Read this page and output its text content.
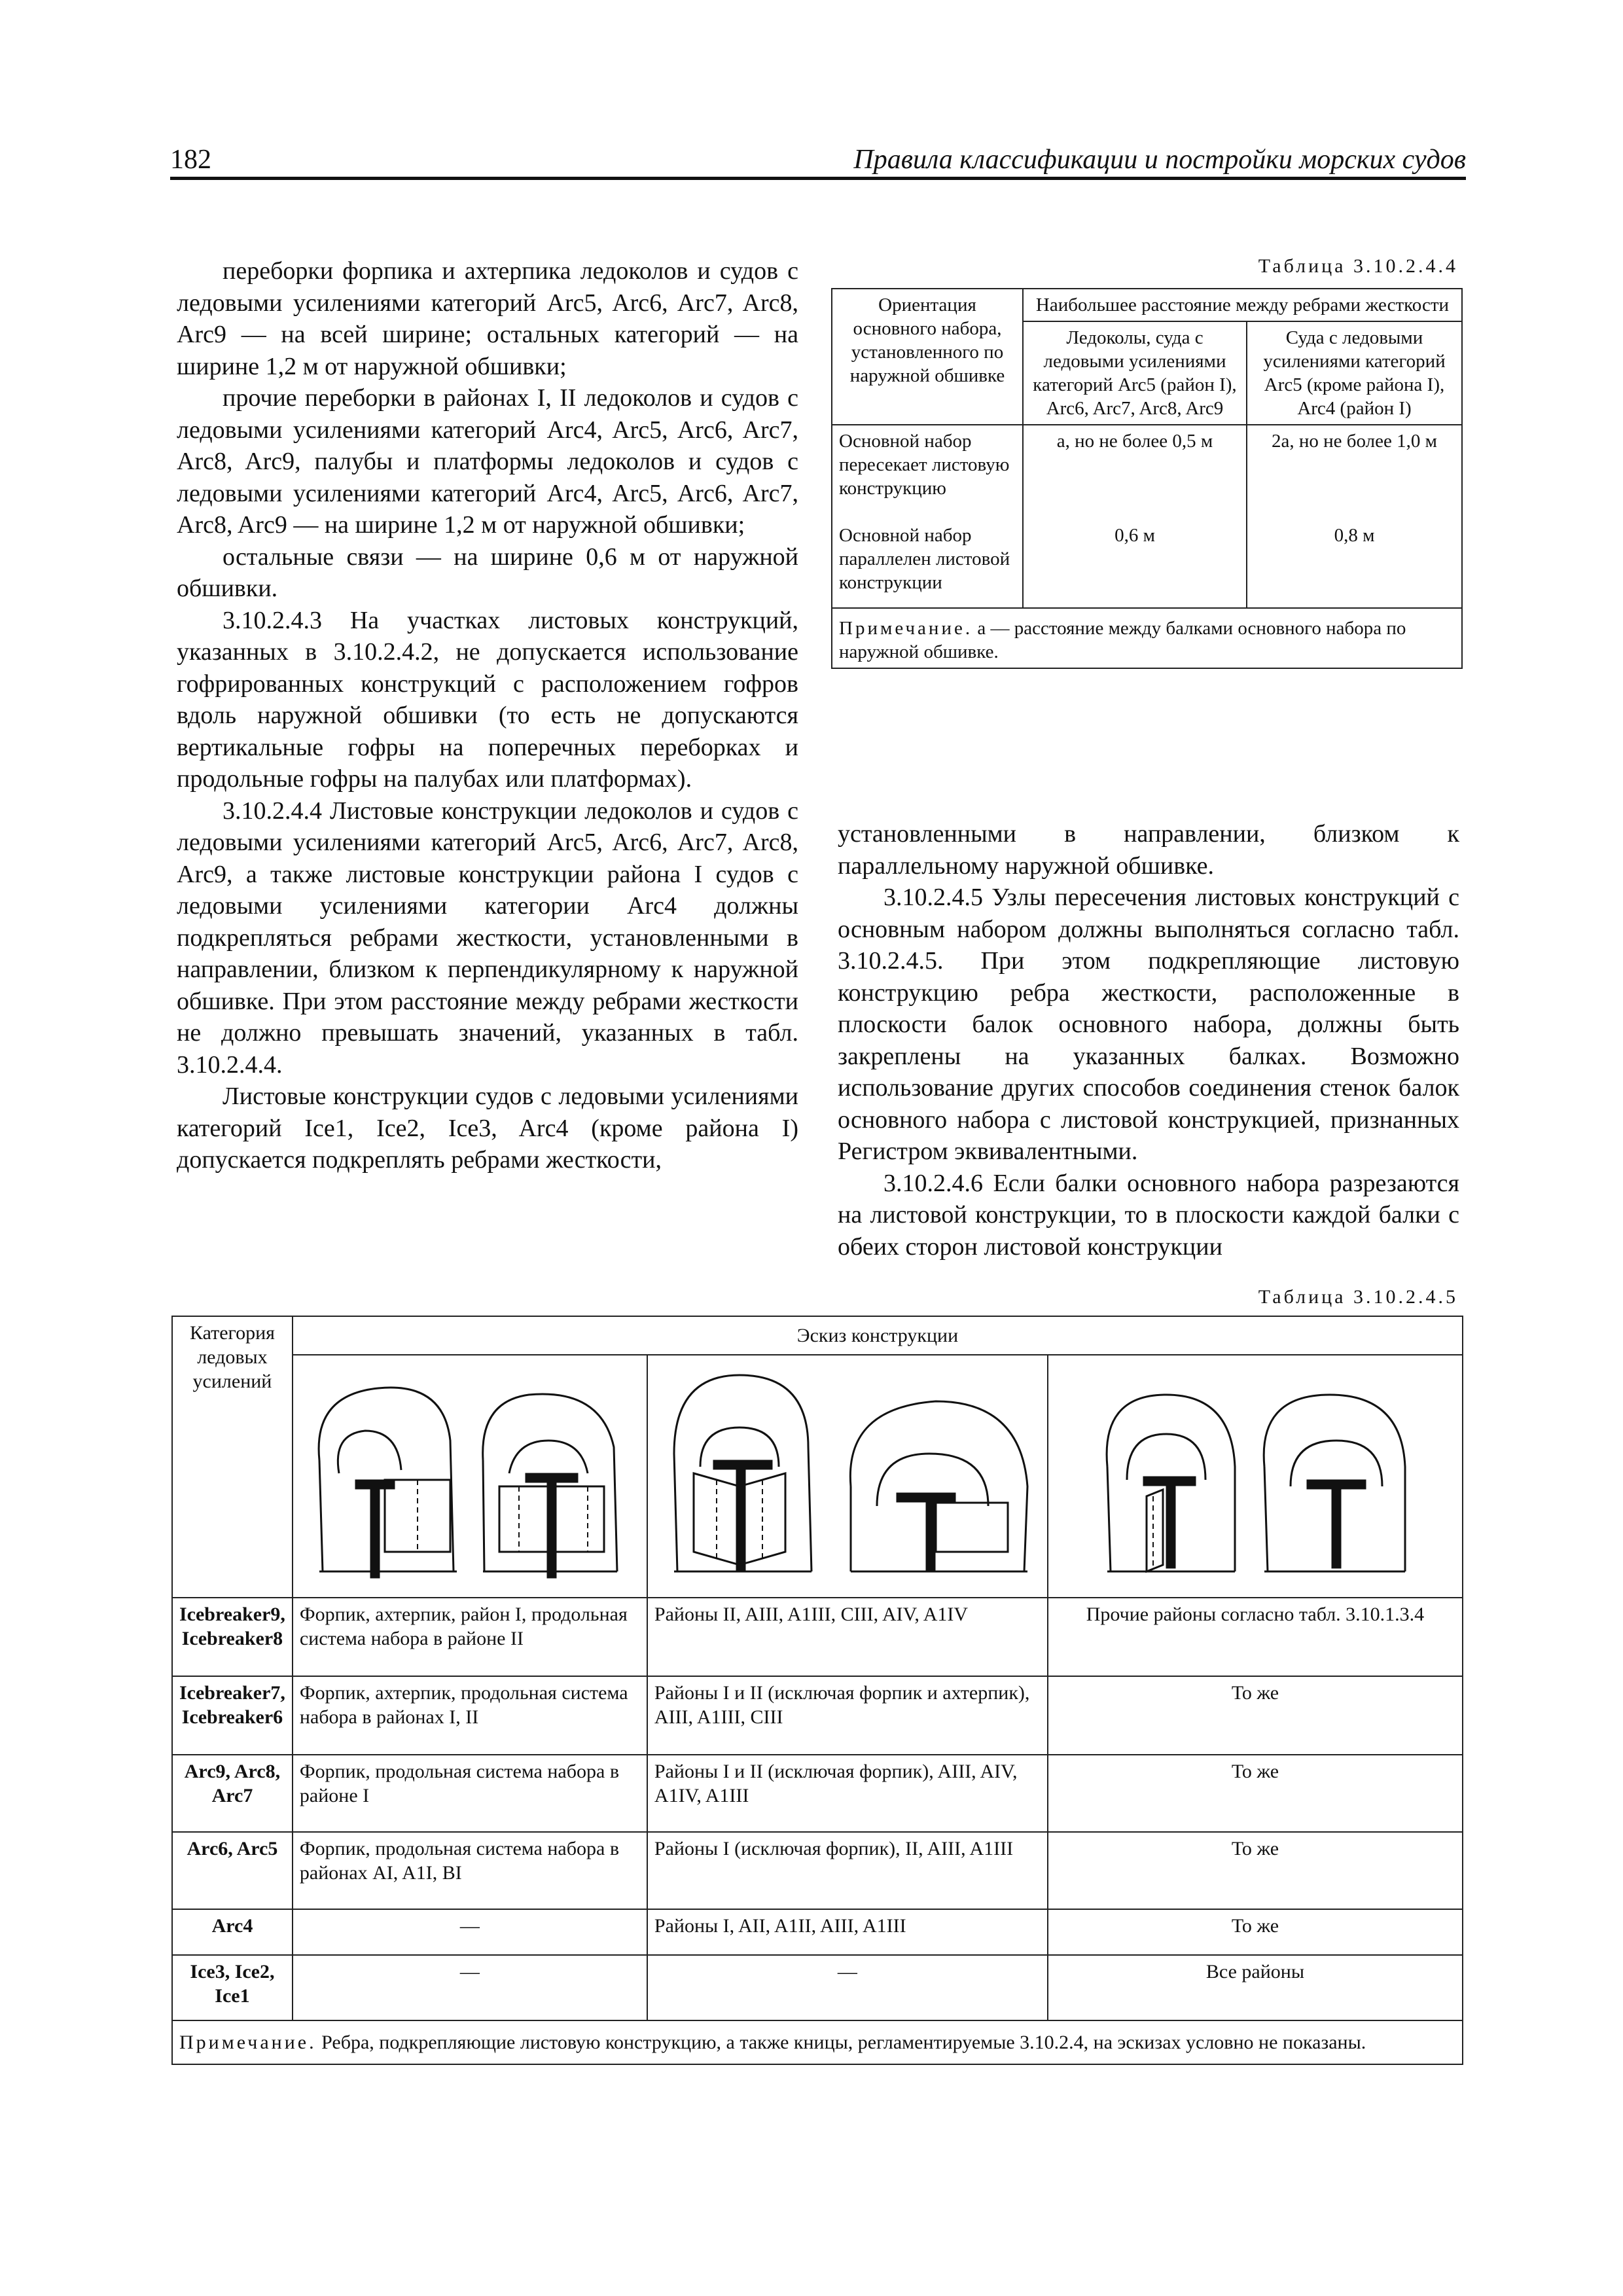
182	Правила классификации и постройки морских судов

переборки форпика и ахтерпика ледоколов и судов с ледовыми усилениями категорий Arc5, Arc6, Arc7, Arc8, Arc9 — на всей ширине; остальных категорий — на ширине 1,2 м от наружной обшивки;

прочие переборки в районах I, II ледоколов и судов с ледовыми усилениями категорий Arc4, Arc5, Arc6, Arc7, Arc8, Arc9, палубы и платформы ледоколов и судов с ледовыми усилениями категорий Arc4, Arc5, Arc6, Arc7, Arc8, Arc9 — на ширине 1,2 м от наружной обшивки;

остальные связи — на ширине 0,6 м от наружной обшивки.

3.10.2.4.3 На участках листовых конструкций, указанных в 3.10.2.4.2, не допускается использование гофрированных конструкций с расположением гофров вдоль наружной обшивки (то есть не допускаются вертикальные гофры на поперечных переборках и продольные гофры на палубах или платформах).

3.10.2.4.4 Листовые конструкции ледоколов и судов с ледовыми усилениями категорий Arc5, Arc6, Arc7, Arc8, Arc9, а также листовые конструкции района I судов с ледовыми усилениями категории Arc4 должны подкрепляться ребрами жесткости, установленными в направлении, близком к перпендикулярному к наружной обшивке. При этом расстояние между ребрами жесткости не должно превышать значений, указанных в табл. 3.10.2.4.4.

Листовые конструкции судов с ледовыми усилениями категорий Ice1, Ice2, Ice3, Arc4 (кроме района I) допускается подкреплять ребрами жесткости,

Таблица 3.10.2.4.4
Ориентация основного набора, установленного по наружной обшивке	Наибольшее расстояние между ребрами жесткости	
	Ледоколы, суда с ледовыми усилениями категорий Arc5 (район I), Arc6, Arc7, Arc8, Arc9	Суда с ледовыми усилениями категорий Arc5 (кроме района I), Arc4 (район I)
Основной набор пересекает листовую конструкцию	a, но не более 0,5 м	2a, но не более 1,0 м
Основной набор параллелен листовой конструкции	0,6 м	0,8 м
Примечание. a — расстояние между балками основного набора по наружной обшивке.		

установленными в направлении, близком к параллельному наружной обшивке.

3.10.2.4.5 Узлы пересечения листовых конструкций с основным набором должны выполняться согласно табл. 3.10.2.4.5. При этом подкрепляющие листовую конструкцию ребра жесткости, расположенные в плоскости балок основного набора, должны быть закреплены на указанных балках. Возможно использование других способов соединения стенок балок основного набора с листовой конструкцией, признанных Регистром эквивалентными.

3.10.2.4.6 Если балки основного набора разрезаются на листовой конструкции, то в плоскости каждой балки с обеих сторон листовой конструкции

Таблица 3.10.2.4.5
Категория ледовых усилений	Эскиз конструкции		

Icebreaker9, Icebreaker8	Форпик, ахтерпик, район I, продольная система набора в районе II	Районы II, AIII, A1III, CIII, AIV, A1IV	Прочие районы согласно табл. 3.10.1.3.4
Icebreaker7, Icebreaker6	Форпик, ахтерпик, продольная система набора в районах I, II	Районы I и II (исключая форпик и ахтерпик), AIII, A1III, CIII	То же
Arc9, Arc8, Arc7	Форпик, продольная система набора в районе I	Районы I и II (исключая форпик), AIII, AIV, A1IV, A1III	То же
Arc6, Arc5	Форпик, продольная система набора в районах AI, A1I, BI	Районы I (исключая форпик), II, AIII, A1III	То же
Arc4	—	Районы I, AII, A1II, AIII, A1III	То же
Ice3, Ice2, Ice1	—	—	Все районы
Примечание. Ребра, подкрепляющие листовую конструкцию, а также кницы, регламентируемые 3.10.2.4, на эскизах условно не показаны.			
